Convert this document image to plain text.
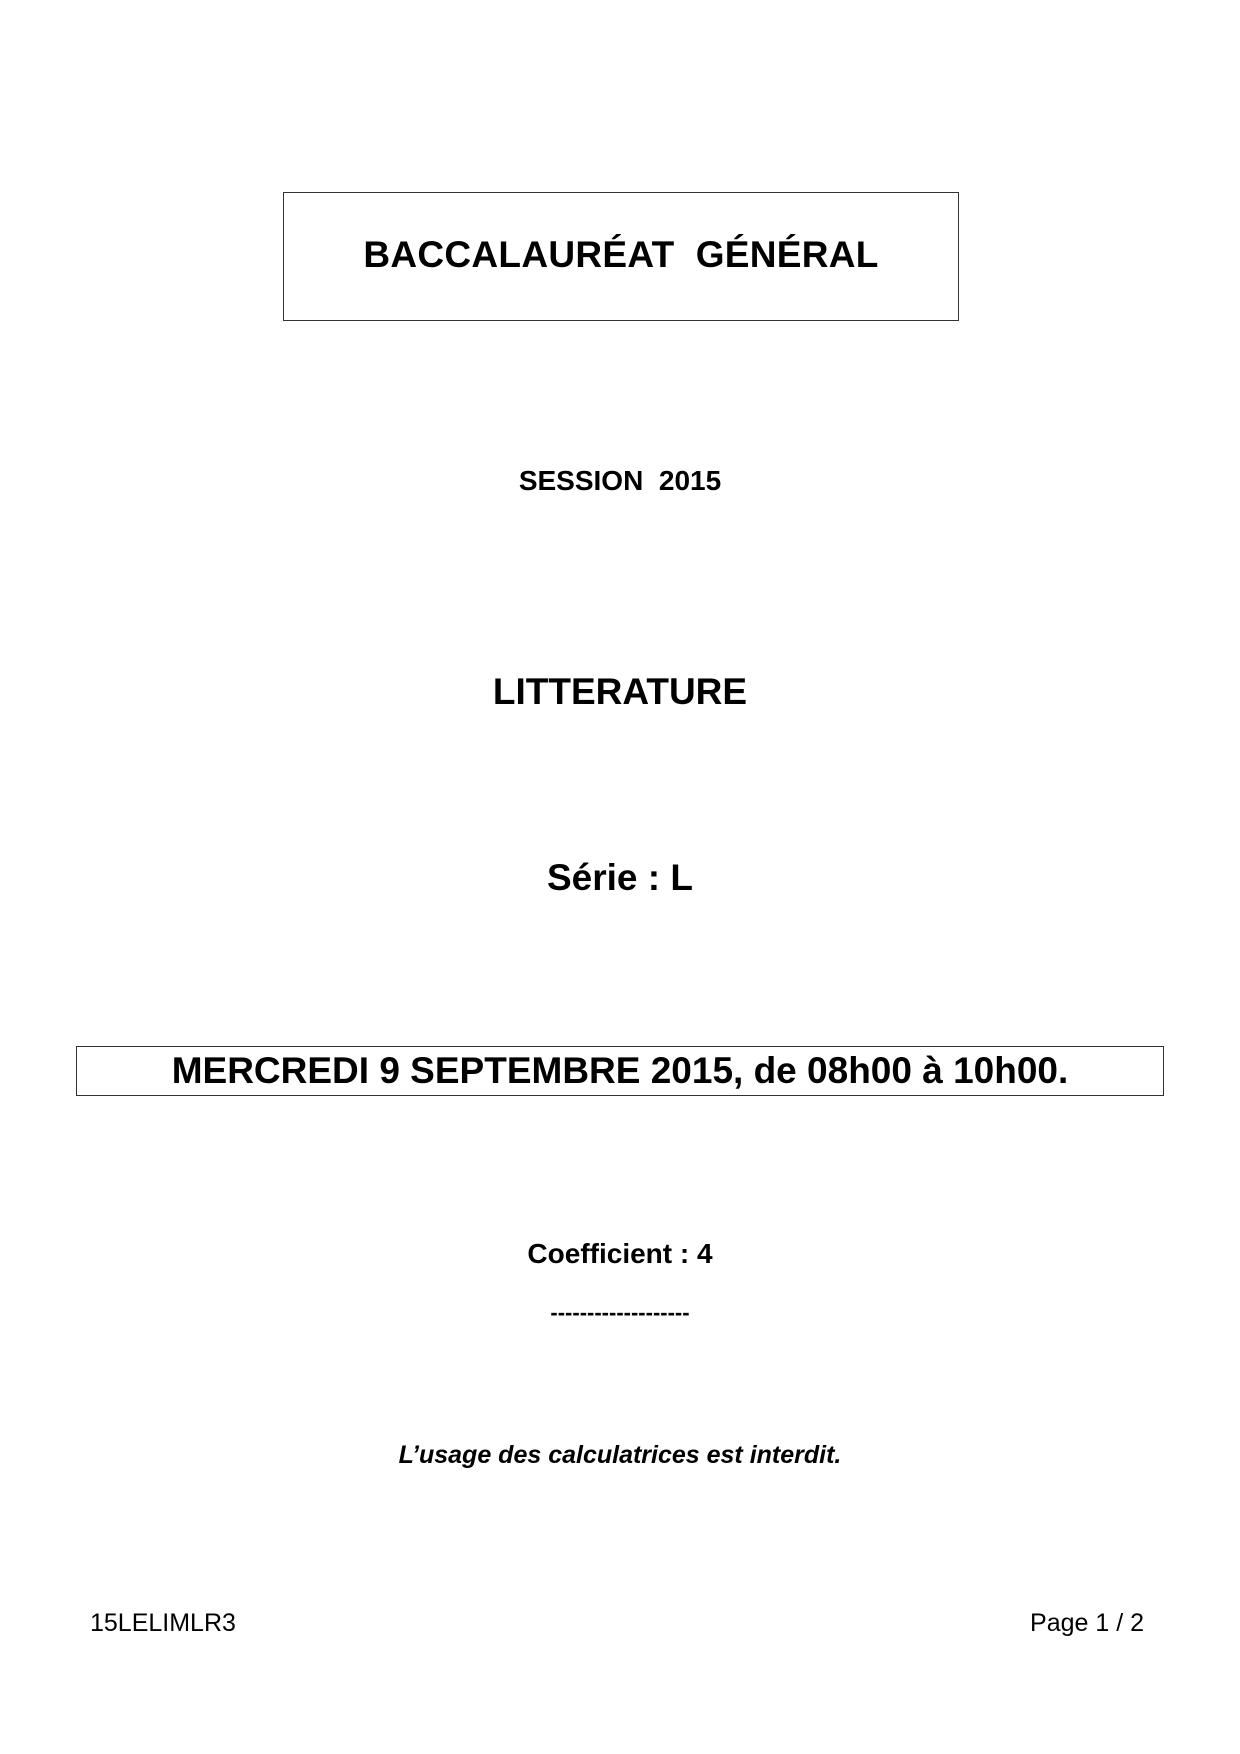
BACCALAURÉAT  GÉNÉRAL
SESSION  2015
LITTERATURE
Série : L
MERCREDI 9 SEPTEMBRE 2015, de 08h00 à 10h00.
Coefficient : 4
-------------------
L’usage des calculatrices est interdit.
15LELIMLR3	Page 1 / 2
